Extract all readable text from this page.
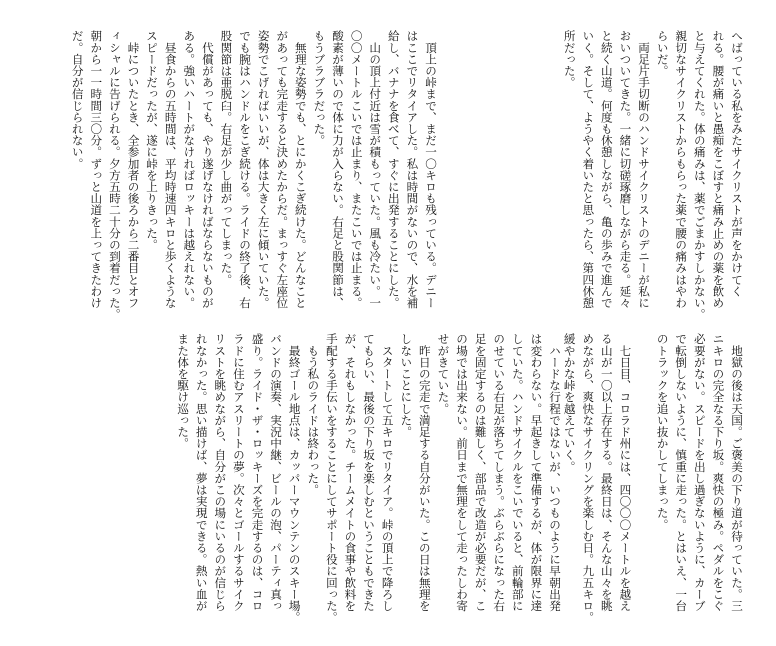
へばっている私をみたサイクリストが声をかけてく
れる。腰が痛いと愚痴をこぼすと痛み止めの薬を飲め
と与えてくれた。体の痛みは、薬でごまかすしかない。
親切なサイクリストからもらった薬で腰の痛みはやわ
らいだ。
　両足片手切断のハンドサイクリストのデニーが私に
おいついてきた。一緒に切磋琢磨しながら走る。延々
と続く山道。何度も休憩しながら、亀の歩みで進んで
いく。そして、ようやく着いたと思ったら、第四休憩
所だった。
　頂上の峠まで、まだ一〇キロも残っている。デニー
はここでリタイアした。私は時間がないので、水を補
給し、バナナを食べて、すぐに出発することにした。
　山の頂上付近は雪が積もっていた。風も冷たい。一
〇〇メートルこいでは止まり、またこいでは止まる。
酸素が薄いので体に力が入らない。右足と股関節は、
もうブラブラだった。
　無理な姿勢でも、とにかくこぎ続けた。どんなこと
があっても完走すると決めたからだ。まっすぐ左座位
姿勢でこげればいいが、体は大きく左に傾いていた。
でも腕はハンドルをこぎ続ける。ライドの終了後、右
股関節は亜脱臼。右足が少し曲がってしまった。
　代償があっても、やり遂げなければならないものが
ある。強いハートがなければロッキーは越えれない。
　昼食からの五時間は、平均時速四キロと歩くような
スピードだったが、遂に峠を上りきった。
　峠についたとき、全参加者の後ろから二番目とオフ
ィシャルに告げられる。夕方五時二十分の到着だった。
朝から一一時間三〇分。ずっと山道を上ってきたわけ
だ。自分が信じられない。
　地獄の後は天国。ご褒美の下り道が待っていた。三
ニキロの完全なる下り坂。爽快の極み。ペダルをこぐ
必要がない。スピードを出し過ぎないように、カーブ
で転倒しないように、慎重に走った。とはいえ、一台
のトラックを追い抜かしてしまった。
　七日目、コロラド州には、四〇〇〇メートルを越え
る山が一〇以上存在する。最終日は、そんな山々を眺
めながら、爽快なサイクリングを楽しむ日。九五キロ。
緩やかな峠を越えていく。
　ハードな行程ではないが、いつものように早朝出発
は変わらない。早起きして準備するが、体が限界に達
していた。ハンドサイクルをこいでいると、前輪部に
のせている右足が落ちてしまう。ぶらぶらになった右
足を固定するのは難しく、部品で改造が必要だが、こ
の場では出来ない。前日まで無理をして走ったしわ寄
せがきていた。
　昨日の完走で満足する自分がいた。この日は無理を
しないことにした。
　スタートして五キロでリタイア。峠の頂上で降ろし
てもらい、最後の下り坂を楽しむということもできた
が、それもしなかった。チームメイトの食事や飲料を
手配する手伝いをすることにしてサポート役に回った。
　もう私のライドは終わった。
　最終ゴール地点は、カッパーマウンテンのスキー場。
バンドの演奏、実況中継、ビールの泡、パーティ真っ
盛り。ライド・ザ・ロッキーズを完走するのは、コロ
ラドに住むアスリートの夢。次々とゴールするサイク
リストを眺めながら、自分がこの場にいるのが信じら
れなかった。思い描けば、夢は実現できる。熱い血が
また体を駆け巡った。
